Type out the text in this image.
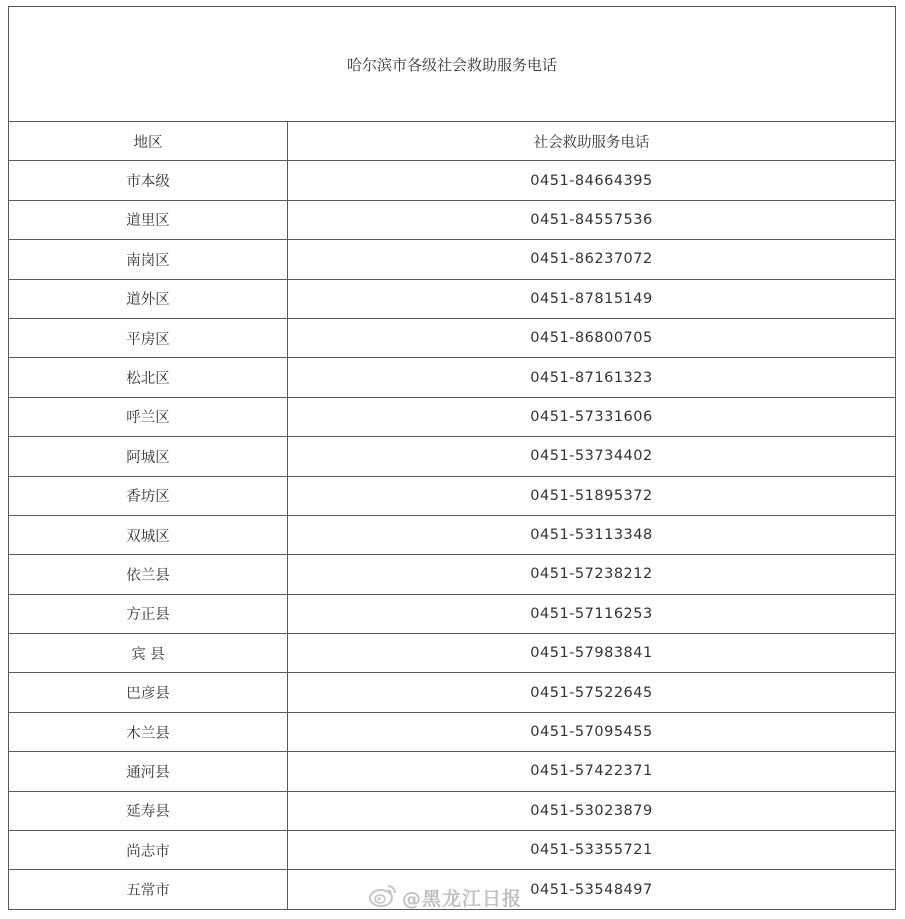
哈尔滨市各级社会救助服务电话	
地区	社会救助服务电话
市本级	0451-84664395
道里区	0451-84557536
南岗区	0451-86237072
道外区	0451-87815149
平房区	0451-86800705
松北区	0451-87161323
呼兰区	0451-57331606
阿城区	0451-53734402
香坊区	0451-51895372
双城区	0451-53113348
依兰县	0451-57238212
方正县	0451-57116253
宾 县	0451-57983841
巴彦县	0451-57522645
木兰县	0451-57095455
通河县	0451-57422371
延寿县	0451-53023879
尚志市	0451-53355721
五常市	0451-53548497
@黑龙江日报
